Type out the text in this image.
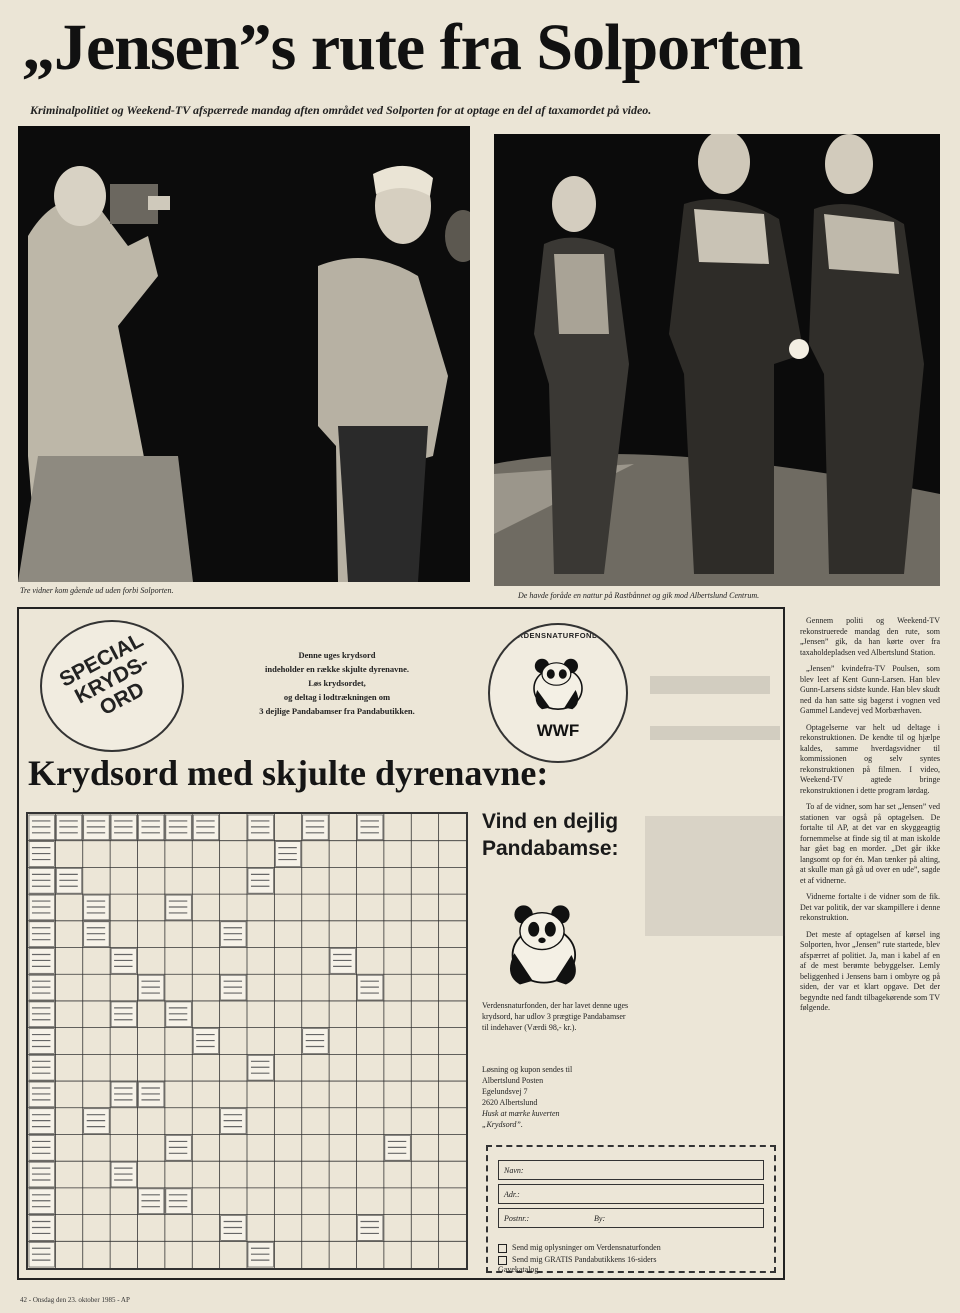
„Jensen”s rute fra Solporten
Kriminalpolitiet og Weekend-TV afspærrede mandag aften området ved Solporten for at optage en del af taxamordet på video.
Tre vidner kom gående ud uden forbi Solporten.
De havde foråde en nattur på Rastbånnet og gik mod Albertslund Centrum.
SPECIAL KRYDS-ORD
Denne uges krydsord
indeholder en række skjulte dyrenavne.
Løs krydsordet,
og deltag i lodtrækningen om
3 dejlige Pandabamser fra Pandabutikken.
VERDENSNATURFONDEN
WWF
Krydsord med skjulte dyrenavne:
Vind en dejlig Pandabamse:
Verdensnaturfonden, der har lavet denne uges krydsord, har udlov 3 prægtige Pandabamser til indehaver (Værdi 98,- kr.).
Løsning og kupon sendes til
Albertslund Posten
Egelundsvej 7
2620 Albertslund
Husk at mærke kuverten
„Krydsord”.
Navn:
Adr.:
Postnr.:	By:
Send mig oplysninger om Verdensnaturfonden
Send mig GRATIS Pandabutikkens 16-siders Gavekatalog.

Gennem politi og Weekend-TV rekonstruerede mandag den rute, som „Jensen” gik, da han kørte over fra taxaholdepladsen ved Albertslund Station.

„Jensen” kvindefra-TV Poulsen, som blev leet af Kent Gunn-Larsen. Han blev Gunn-Larsens sidste kunde. Han blev skudt ned da han satte sig bagerst i vognen ved Gammel Landevej ved Morbærhaven.

Optagelserne var helt ud deltage i rekonstruktionen. De kendte til og hjælpe kaldes, samme hverdagsvidner til kommissionen og selv syntes rekonstruktionen på filmen. I video, Weekend-TV agtede bringe rekonstruktionen i dette program lørdag.

To af de vidner, som har set „Jensen” ved stationen var også på optagelsen. De fortalte til AP, at det var en skyggeagtig fornemmelse at finde sig til at man iskolde har gået bag en morder. „Det går ikke langsomt op for én. Man tænker på alting, at skulle man gå gå ud over en ude”, sagde et af vidnerne.

Vidnerne fortalte i de vidner som de fik. Det var politik, der var skampillere i denne rekonstruktion.

Det meste af optagelsen af kørsel ing Solporten, hvor „Jensen” rute startede, blev afspærret af politiet. Ja, man i kabel af en af de mest berømte bebyggelser. Lemly beliggenhed i Jensens barn i ombyre og på siden, der var et klart opgave. Det der begyndte ned fandt tilbagekørende som TV følgende.

42 - Onsdag den 23. oktober 1985 - AP
